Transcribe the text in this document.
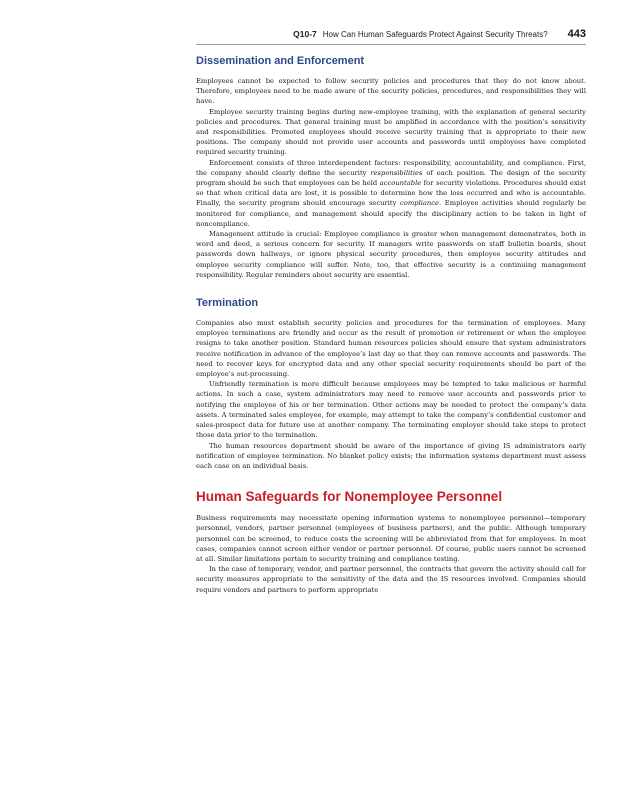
Q10-7 How Can Human Safeguards Protect Against Security Threats? 443
Dissemination and Enforcement

Employees cannot be expected to follow security policies and procedures that they do not know about. Therefore, employees need to be made aware of the security policies, procedures, and responsibilities they will have.

Employee security training begins during new-employee training, with the explanation of general security policies and procedures. That general training must be amplified in accordance with the position’s sensitivity and responsibilities. Promoted employees should receive security training that is appropriate to their new positions. The company should not provide user accounts and passwords until employees have completed required security training.

Enforcement consists of three interdependent factors: responsibility, accountability, and compliance. First, the company should clearly define the security responsibilities of each position. The design of the security program should be such that employees can be held accountable for security violations. Procedures should exist so that when critical data are lost, it is possible to determine how the loss occurred and who is accountable. Finally, the security program should encourage security compliance. Employee activities should regularly be monitored for compliance, and management should specify the disciplinary action to be taken in light of noncompliance.

Management attitude is crucial: Employee compliance is greater when management demonstrates, both in word and deed, a serious concern for security. If managers write passwords on staff bulletin boards, shout passwords down hallways, or ignore physical security procedures, then employee security attitudes and employee security compliance will suffer. Note, too, that effective security is a continuing management responsibility. Regular reminders about security are essential.

Termination

Companies also must establish security policies and procedures for the termination of employees. Many employee terminations are friendly and occur as the result of promotion or retirement or when the employee resigns to take another position. Standard human resources policies should ensure that system administrators receive notification in advance of the employee’s last day so that they can remove accounts and passwords. The need to recover keys for encrypted data and any other special security requirements should be part of the employee’s out-processing.

Unfriendly termination is more difficult because employees may be tempted to take malicious or harmful actions. In such a case, system administrators may need to remove user accounts and passwords prior to notifying the employee of his or her termination. Other actions may be needed to protect the company’s data assets. A terminated sales employee, for example, may attempt to take the company’s confidential customer and sales-prospect data for future use at another company. The terminating employer should take steps to protect those data prior to the termination.

The human resources department should be aware of the importance of giving IS administrators early notification of employee termination. No blanket policy exists; the information systems department must assess each case on an individual basis.

Human Safeguards for Nonemployee Personnel

Business requirements may necessitate opening information systems to nonemployee personnel—temporary personnel, vendors, partner personnel (employees of business partners), and the public. Although temporary personnel can be screened, to reduce costs the screening will be abbreviated from that for employees. In most cases, companies cannot screen either vendor or partner personnel. Of course, public users cannot be screened at all. Similar limitations pertain to security training and compliance testing.

In the case of temporary, vendor, and partner personnel, the contracts that govern the activity should call for security measures appropriate to the sensitivity of the data and the IS resources involved. Companies should require vendors and partners to perform appropriate
